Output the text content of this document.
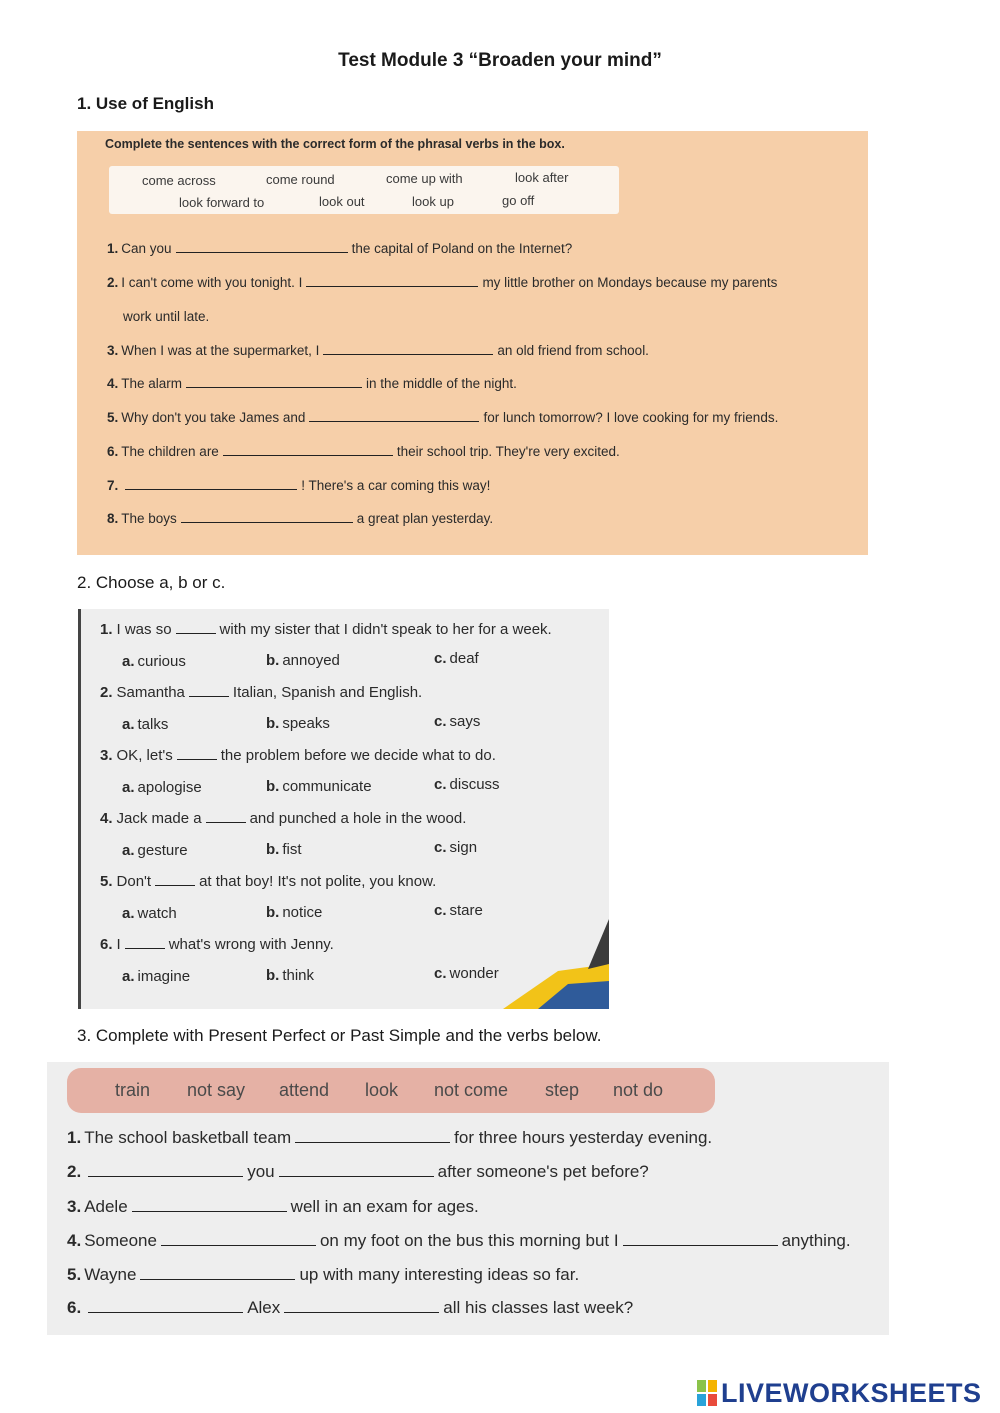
Test Module 3 “Broaden your mind”
1. Use of English
Complete the sentences with the correct form of the phrasal verbs in the box.
come across	come round	come up with	look after
look forward to	look out	look up	go off
1. Can you	the capital of Poland on the Internet?
2. I can't come with you tonight. I	my little brother on Mondays because my parents
work until late.
3. When I was at the supermarket, I	an old friend from school.
4. The alarm	in the middle of the night.
5. Why don't you take James and	for lunch tomorrow? I love cooking for my friends.
6. The children are	their school trip. They're very excited.
7.	! There's a car coming this way!
8. The boys	a great plan yesterday.
2. Choose a, b or c.
1. I was so	with my sister that I didn't speak to her for a week.
a. curious	b. annoyed	c. deaf
2. Samantha	Italian, Spanish and English.
a. talks	b. speaks	c. says
3. OK, let's	the problem before we decide what to do.
a. apologise	b. communicate	c. discuss
4. Jack made a	and punched a hole in the wood.
a. gesture	b. fist	c. sign
5. Don't	at that boy! It's not polite, you know.
a. watch	b. notice	c. stare
6. I	what's wrong with Jenny.
a. imagine	b. think	c. wonder
3. Complete with Present Perfect or Past Simple and the verbs below.
train not say attend look not come step not do
1. The school basketball team	for three hours yesterday evening.
2.	you	after someone's pet before?
3. Adele	well in an exam for ages.
4. Someone	on my foot on the bus this morning but I	anything.
5. Wayne	up with many interesting ideas so far.
6.	Alex	all his classes last week?
LIVEWORKSHEETS
